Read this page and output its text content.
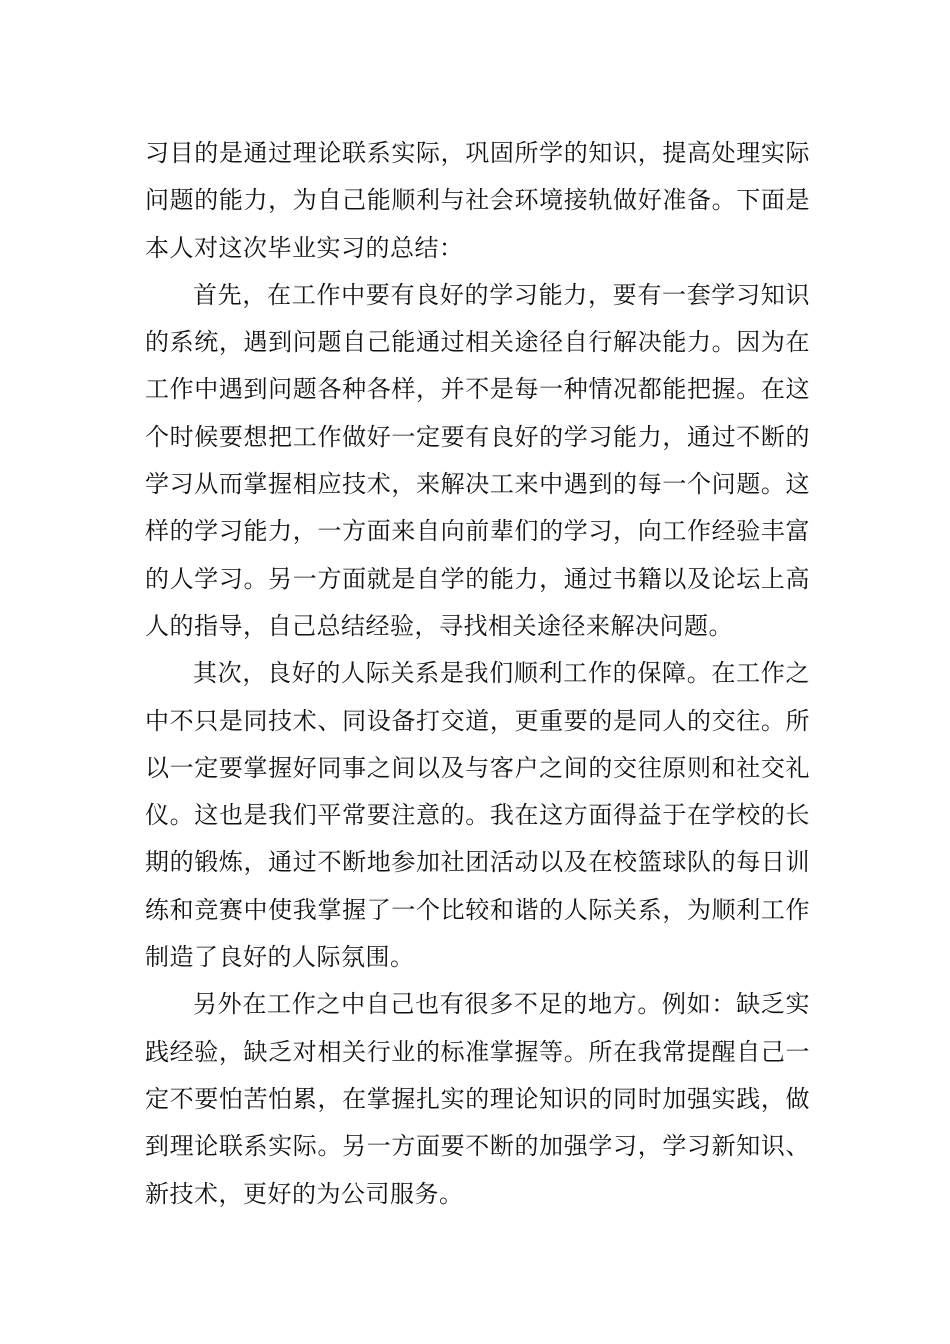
习目的是通过理论联系实际，巩固所学的知识，提高处理实际问题的能力，为自己能顺利与社会环境接轨做好准备。下面是本人对这次毕业实习的总结：

首先，在工作中要有良好的学习能力，要有一套学习知识的系统，遇到问题自己能通过相关途径自行解决能力。因为在工作中遇到问题各种各样，并不是每一种情况都能把握。在这个时候要想把工作做好一定要有良好的学习能力，通过不断的学习从而掌握相应技术，来解决工来中遇到的每一个问题。这样的学习能力，一方面来自向前辈们的学习，向工作经验丰富的人学习。另一方面就是自学的能力，通过书籍以及论坛上高人的指导，自己总结经验，寻找相关途径来解决问题。

其次，良好的人际关系是我们顺利工作的保障。在工作之中不只是同技术、同设备打交道，更重要的是同人的交往。所以一定要掌握好同事之间以及与客户之间的交往原则和社交礼仪。这也是我们平常要注意的。我在这方面得益于在学校的长期的锻炼，通过不断地参加社团活动以及在校篮球队的每日训练和竞赛中使我掌握了一个比较和谐的人际关系，为顺利工作制造了良好的人际氛围。

另外在工作之中自己也有很多不足的地方。例如：缺乏实践经验，缺乏对相关行业的标准掌握等。所在我常提醒自己一定不要怕苦怕累，在掌握扎实的理论知识的同时加强实践，做到理论联系实际。另一方面要不断的加强学习，学习新知识、新技术，更好的为公司服务。
